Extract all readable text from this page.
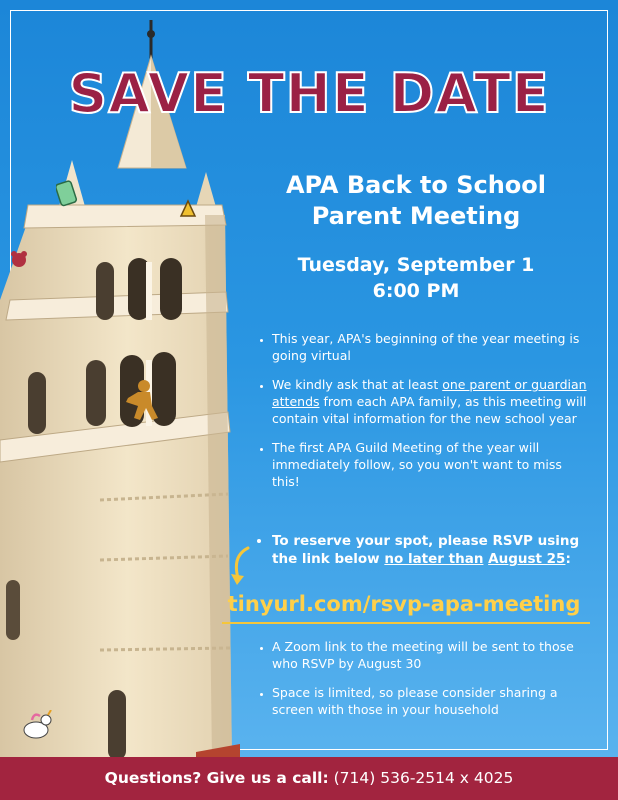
SAVE THE DATE
APA Back to School
Parent Meeting
Tuesday, September 1
6:00 PM
• This year, APA's beginning of the year meeting is going virtual
• We kindly ask that at least one parent or guardian attends from each APA family, as this meeting will contain vital information for the new school year
• The first APA Guild Meeting of the year will immediately follow, so you won't want to miss this!
• To reserve your spot, please RSVP using the link below no later than August 25:
tinyurl.com/rsvp-apa-meeting
• A Zoom link to the meeting will be sent to those who RSVP by August 30
• Space is limited, so please consider sharing a screen with those in your household
Questions? Give us a call: (714) 536-2514 x 4025
